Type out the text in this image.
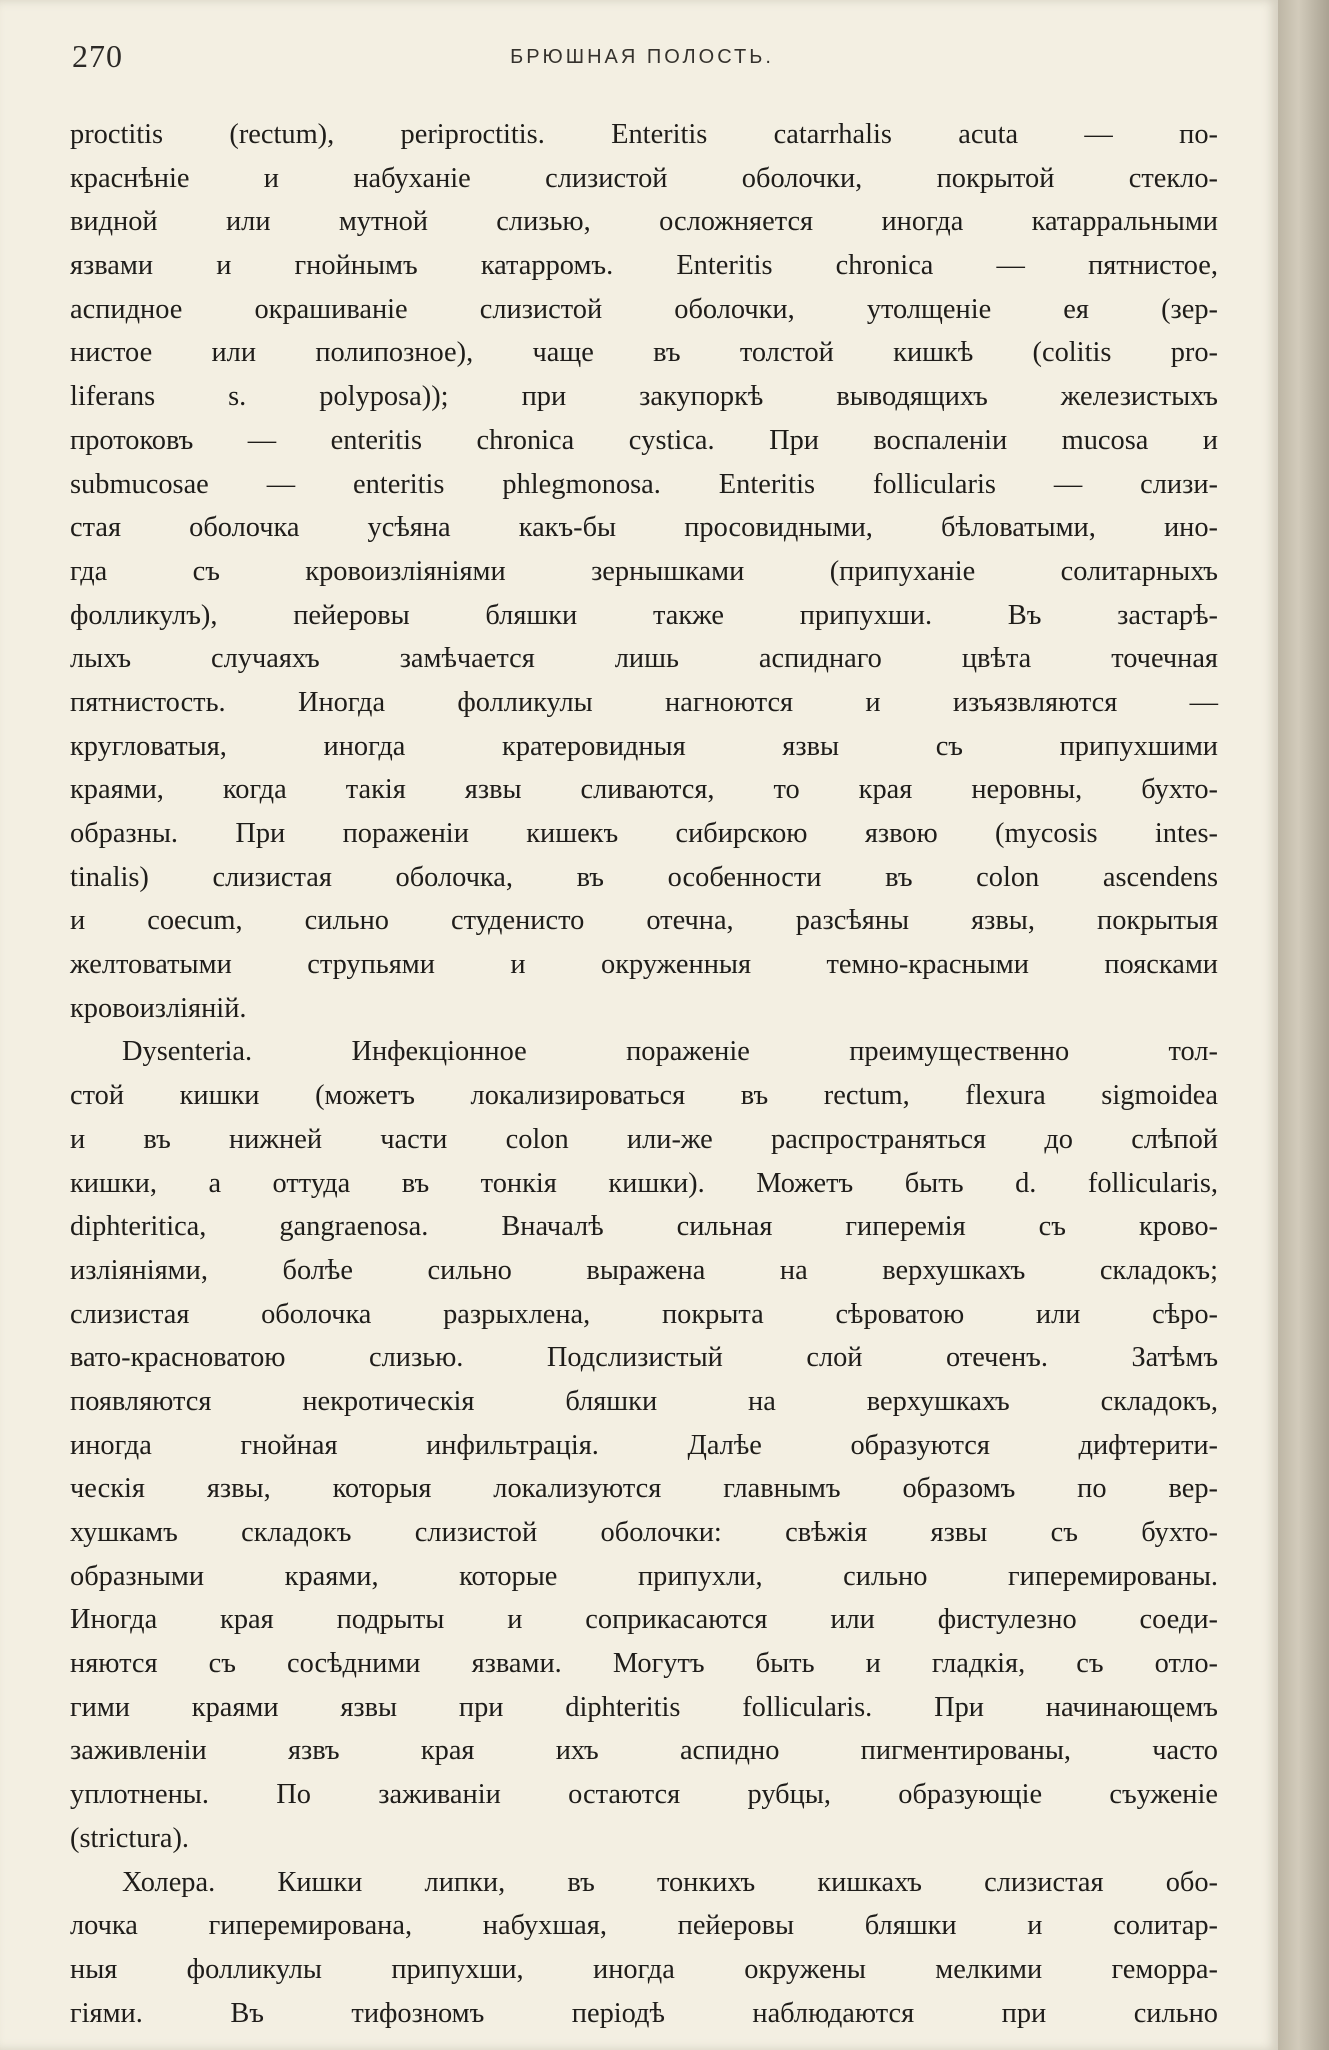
270	БРЮШНАЯ ПОЛОСТЬ.
proctitis (rectum), periproctitis. Enteritis catarrhalis acuta — по-
краснѣніе и набуханіе слизистой оболочки, покрытой стекло-
видной или мутной слизью, осложняется иногда катарральными
язвами и гнойнымъ катарромъ. Enteritis chronica — пятнистое,
аспидное окрашиваніе слизистой оболочки, утолщеніе ея (зер-
нистое или полипозное), чаще въ толстой кишкѣ (colitis pro-
liferans s. polyposa)); при закупоркѣ выводящихъ железистыхъ
протоковъ — enteritis chronica cystica. При воспаленіи mucosa и
submucosae — enteritis phlegmonosa. Enteritis follicularis — слизи-
стая оболочка усѣяна какъ-бы просовидными, бѣловатыми, ино-
гда съ кровоизліяніями зернышками (припуханіе солитарныхъ
фолликулъ), пейеровы бляшки также припухши. Въ застарѣ-
лыхъ случаяхъ замѣчается лишь аспиднаго цвѣта точечная
пятнистость. Иногда фолликулы нагноются и изъязвляются —
кругловатыя, иногда кратеровидныя язвы съ припухшими
краями, когда такія язвы сливаются, то края неровны, бухто-
образны. При пораженіи кишекъ сибирскою язвою (mycosis intes-
tinalis) слизистая оболочка, въ особенности въ colon ascendens
и coecum, сильно студенисто отечна, разсѣяны язвы, покрытыя
желтоватыми струпьями и окруженныя темно-красными поясками
кровоизліяній.
Dysenteria. Инфекціонное пораженіе преимущественно тол-
стой кишки (можетъ локализироваться въ rectum, flexura sigmoidea
и въ нижней части colon или-же распространяться до слѣпой
кишки, а оттуда въ тонкія кишки). Можетъ быть d. follicularis,
diphteritica, gangraenosa. Вначалѣ сильная гиперемія съ крово-
изліяніями, болѣе сильно выражена на верхушкахъ складокъ;
слизистая оболочка разрыхлена, покрыта сѣроватою или сѣро-
вато-красноватою слизью. Подслизистый слой отеченъ. Затѣмъ
появляются некротическія бляшки на верхушкахъ складокъ,
иногда гнойная инфильтрація. Далѣе образуются дифтерити-
ческія язвы, которыя локализуются главнымъ образомъ по вер-
хушкамъ складокъ слизистой оболочки: свѣжія язвы съ бухто-
образными краями, которые припухли, сильно гиперемированы.
Иногда края подрыты и соприкасаются или фистулезно соеди-
няются съ сосѣдними язвами. Могутъ быть и гладкія, съ отло-
гими краями язвы при diphteritis follicularis. При начинающемъ
заживленіи язвъ края ихъ аспидно пигментированы, часто
уплотнены. По заживаніи остаются рубцы, образующіе съуженіе
(strictura).
Холера. Кишки липки, въ тонкихъ кишкахъ слизистая обо-
лочка гиперемирована, набухшая, пейеровы бляшки и солитар-
ныя фолликулы припухши, иногда окружены мелкими геморра-
гіями. Въ тифозномъ періодѣ наблюдаются при сильно
